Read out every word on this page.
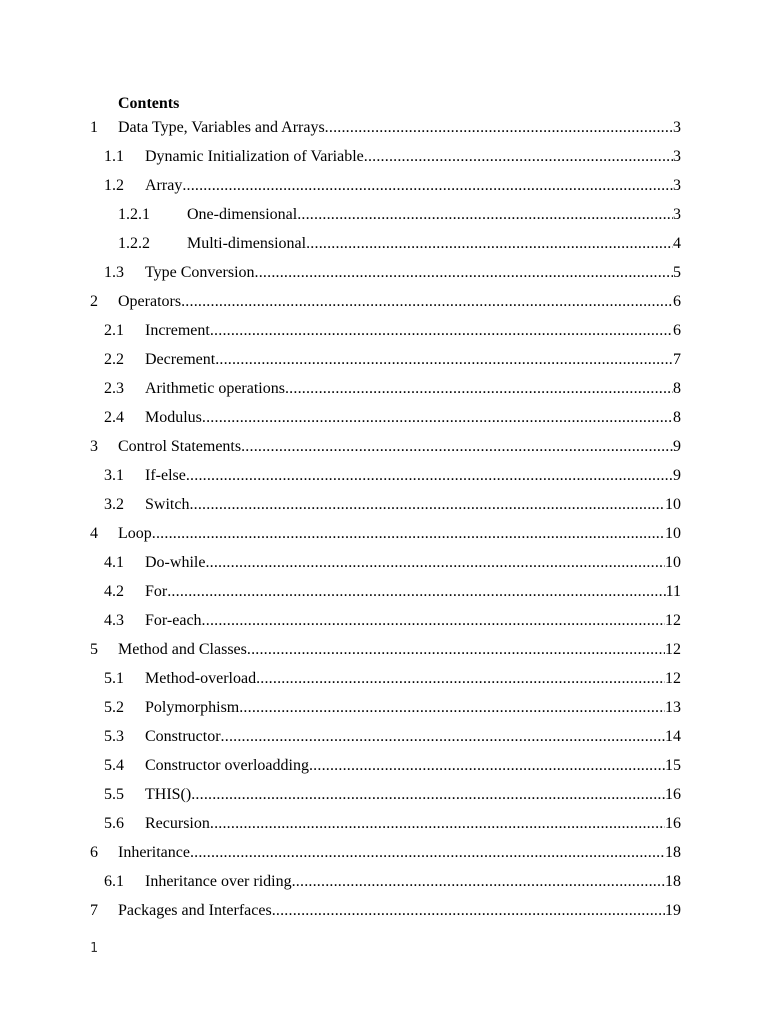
Contents
1 Data Type, Variables and Arrays .....	3
1.1 Dynamic Initialization of Variable .....	3
1.2 Array .....	3
1.2.1 One-dimensional .....	3
1.2.2 Multi-dimensional .....	4
1.3 Type Conversion .....	5
2 Operators .....	6
2.1 Increment .....	6
2.2 Decrement .....	7
2.3 Arithmetic operations .....	8
2.4 Modulus .....	8
3 Control Statements .....	9
3.1 If-else .....	9
3.2 Switch .....	10
4 Loop .....	10
4.1 Do-while .....	10
4.2 For .....	11
4.3 For-each .....	12
5 Method and Classes .....	12
5.1 Method-overload .....	12
5.2 Polymorphism .....	13
5.3 Constructor .....	14
5.4 Constructor overloadding .....	15
5.5 THIS() .....	16
5.6 Recursion .....	16
6 Inheritance .....	18
6.1 Inheritance over riding .....	18
7 Packages and Interfaces .....	19
1
